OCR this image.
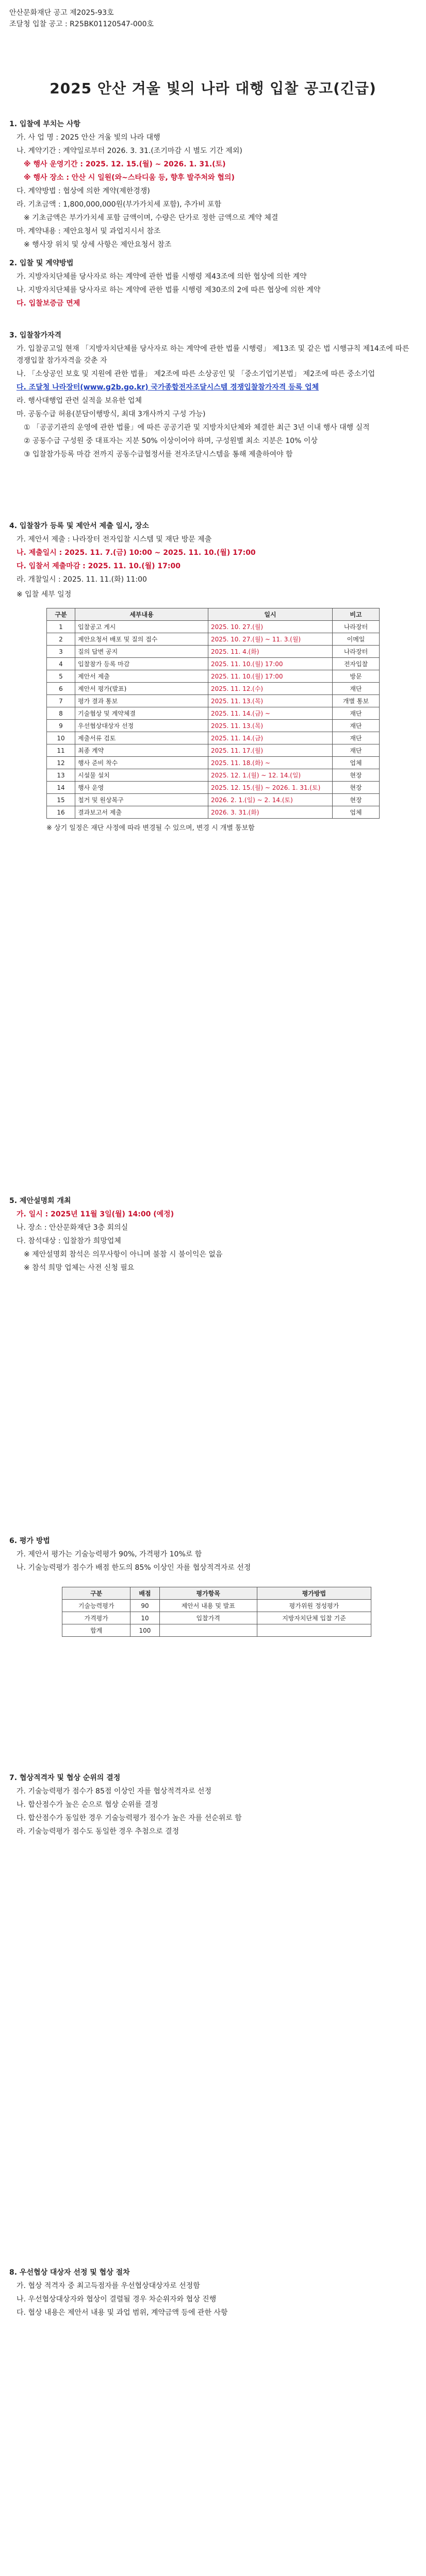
안산문화재단 공고 제2025-93호
조달청 입찰 공고 : R25BK01120547-000호
2025 안산 겨울 빛의 나라 대행 입찰 공고(긴급)
1. 입찰에 부치는 사항
가. 사 업 명 : 2025 안산 겨울 빛의 나라 대행
나. 계약기간 : 계약일로부터 2026. 3. 31.(조기마감 시 별도 기간 제외)
※ 행사 운영기간 : 2025. 12. 15.(월) ~ 2026. 1. 31.(토)
※ 행사 장소 : 안산 시 일원(와~스타디움 등, 향후 발주처와 협의)
다. 계약방법 : 협상에 의한 계약(제한경쟁)
라. 기초금액 : 1,800,000,000원(부가가치세 포함), 추가비 포함
※ 기초금액은 부가가치세 포함 금액이며, 수량은 단가로 정한 금액으로 계약 체결
마. 계약내용 : 제안요청서 및 과업지시서 참조
※ 행사장 위치 및 상세 사항은 제안요청서 참조
2. 입찰 및 계약방법
가. 지방자치단체를 당사자로 하는 계약에 관한 법률 시행령 제43조에 의한 협상에 의한 계약
나. 지방자치단체를 당사자로 하는 계약에 관한 법률 시행령 제30조의 2에 따른 협상에 의한 계약
다. 입찰보증금 면제
3. 입찰참가자격
가. 입찰공고일 현재 「지방자치단체를 당사자로 하는 계약에 관한 법률 시행령」 제13조 및 같은 법 시행규칙 제14조에 따른 경쟁입찰 참가자격을 갖춘 자
나. 「소상공인 보호 및 지원에 관한 법률」 제2조에 따른 소상공인 및 「중소기업기본법」 제2조에 따른 중소기업
다. 조달청 나라장터(www.g2b.go.kr) 국가종합전자조달시스템 경쟁입찰참가자격 등록 업체
라. 행사대행업 관련 실적을 보유한 업체
마. 공동수급 허용(분담이행방식, 최대 3개사까지 구성 가능)
① 「공공기관의 운영에 관한 법률」에 따른 공공기관 및 지방자치단체와 체결한 최근 3년 이내 행사 대행 실적
② 공동수급 구성원 중 대표자는 지분 50% 이상이어야 하며, 구성원별 최소 지분은 10% 이상
③ 입찰참가등록 마감 전까지 공동수급협정서를 전자조달시스템을 통해 제출하여야 함
4. 입찰참가 등록 및 제안서 제출 일시, 장소
가. 제안서 제출 : 나라장터 전자입찰 시스템 및 재단 방문 제출
나. 제출일시 : 2025. 11. 7.(금) 10:00 ~ 2025. 11. 10.(월) 17:00
다. 입찰서 제출마감 : 2025. 11. 10.(월) 17:00
라. 개찰일시 : 2025. 11. 11.(화) 11:00
※ 입찰 세부 일정
구분	세부내용	일시	비고
1	입찰공고 게시	2025. 10. 27.(월)	나라장터
2	제안요청서 배포 및 질의 접수	2025. 10. 27.(월) ~ 11. 3.(월)	이메일
3	질의 답변 공지	2025. 11. 4.(화)	나라장터
4	입찰참가 등록 마감	2025. 11. 10.(월) 17:00	전자입찰
5	제안서 제출	2025. 11. 10.(월) 17:00	방문
6	제안서 평가(발표)	2025. 11. 12.(수)	재단
7	평가 결과 통보	2025. 11. 13.(목)	개별 통보
8	기술협상 및 계약체결	2025. 11. 14.(금) ~	재단
9	우선협상대상자 선정	2025. 11. 13.(목)	재단
10	제출서류 검토	2025. 11. 14.(금)	재단
11	최종 계약	2025. 11. 17.(월)	재단
12	행사 준비 착수	2025. 11. 18.(화) ~	업체
13	시설물 설치	2025. 12. 1.(월) ~ 12. 14.(일)	현장
14	행사 운영	2025. 12. 15.(월) ~ 2026. 1. 31.(토)	현장
15	철거 및 원상복구	2026. 2. 1.(일) ~ 2. 14.(토)	현장
16	결과보고서 제출	2026. 3. 31.(화)	업체
※ 상기 일정은 재단 사정에 따라 변경될 수 있으며, 변경 시 개별 통보함
5. 제안설명회 개최
가. 일시 : 2025년 11월 3일(월) 14:00 (예정)
나. 장소 : 안산문화재단 3층 회의실
다. 참석대상 : 입찰참가 희망업체
※ 제안설명회 참석은 의무사항이 아니며 불참 시 불이익은 없음
※ 참석 희망 업체는 사전 신청 필요
6. 평가 방법
가. 제안서 평가는 기술능력평가 90%, 가격평가 10%로 함
나. 기술능력평가 점수가 배점 한도의 85% 이상인 자를 협상적격자로 선정
구분	배점	평가항목	평가방법
기술능력평가	90	제안서 내용 및 발표	평가위원 정성평가
가격평가	10	입찰가격	지방자치단체 입찰 기준
합계	100		
7. 협상적격자 및 협상 순위의 결정
가. 기술능력평가 점수가 85점 이상인 자를 협상적격자로 선정
나. 합산점수가 높은 순으로 협상 순위를 결정
다. 합산점수가 동일한 경우 기술능력평가 점수가 높은 자를 선순위로 함
라. 기술능력평가 점수도 동일한 경우 추첨으로 결정
8. 우선협상 대상자 선정 및 협상 절차
가. 협상 적격자 중 최고득점자를 우선협상대상자로 선정함
나. 우선협상대상자와 협상이 결렬될 경우 차순위자와 협상 진행
다. 협상 내용은 제안서 내용 및 과업 범위, 계약금액 등에 관한 사항
